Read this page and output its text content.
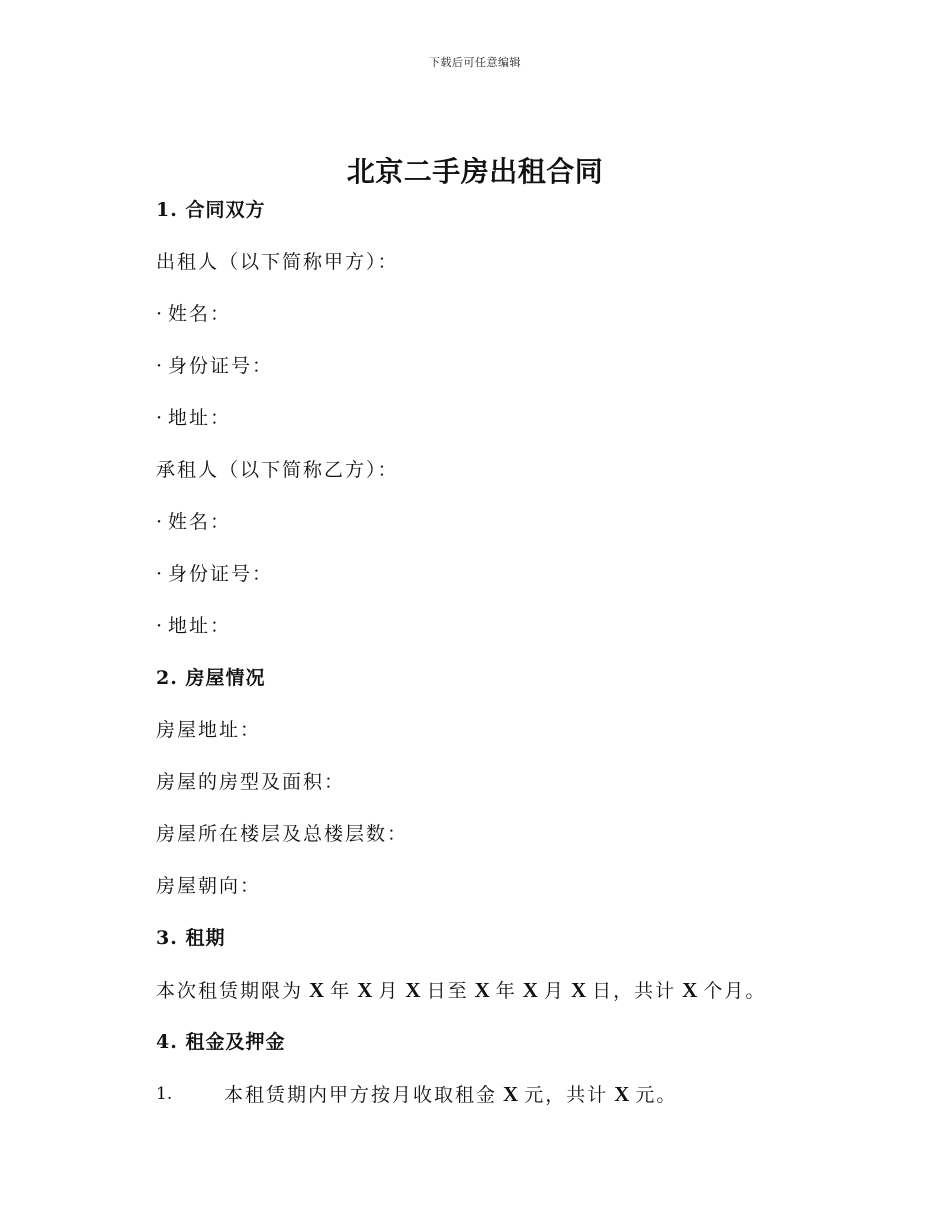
下载后可任意编辑
北京二手房出租合同
1. 合同双方
出租人（以下简称甲方）：
· 姓名：
· 身份证号：
· 地址：
承租人（以下简称乙方）：
· 姓名：
· 身份证号：
· 地址：
2. 房屋情况
房屋地址：
房屋的房型及面积：
房屋所在楼层及总楼层数：
房屋朝向：
3. 租期
本次租赁期限为 X 年 X 月 X 日至 X 年 X 月 X 日，共计 X 个月。
4. 租金及押金
1.	本租赁期内甲方按月收取租金 X 元，共计 X 元。
